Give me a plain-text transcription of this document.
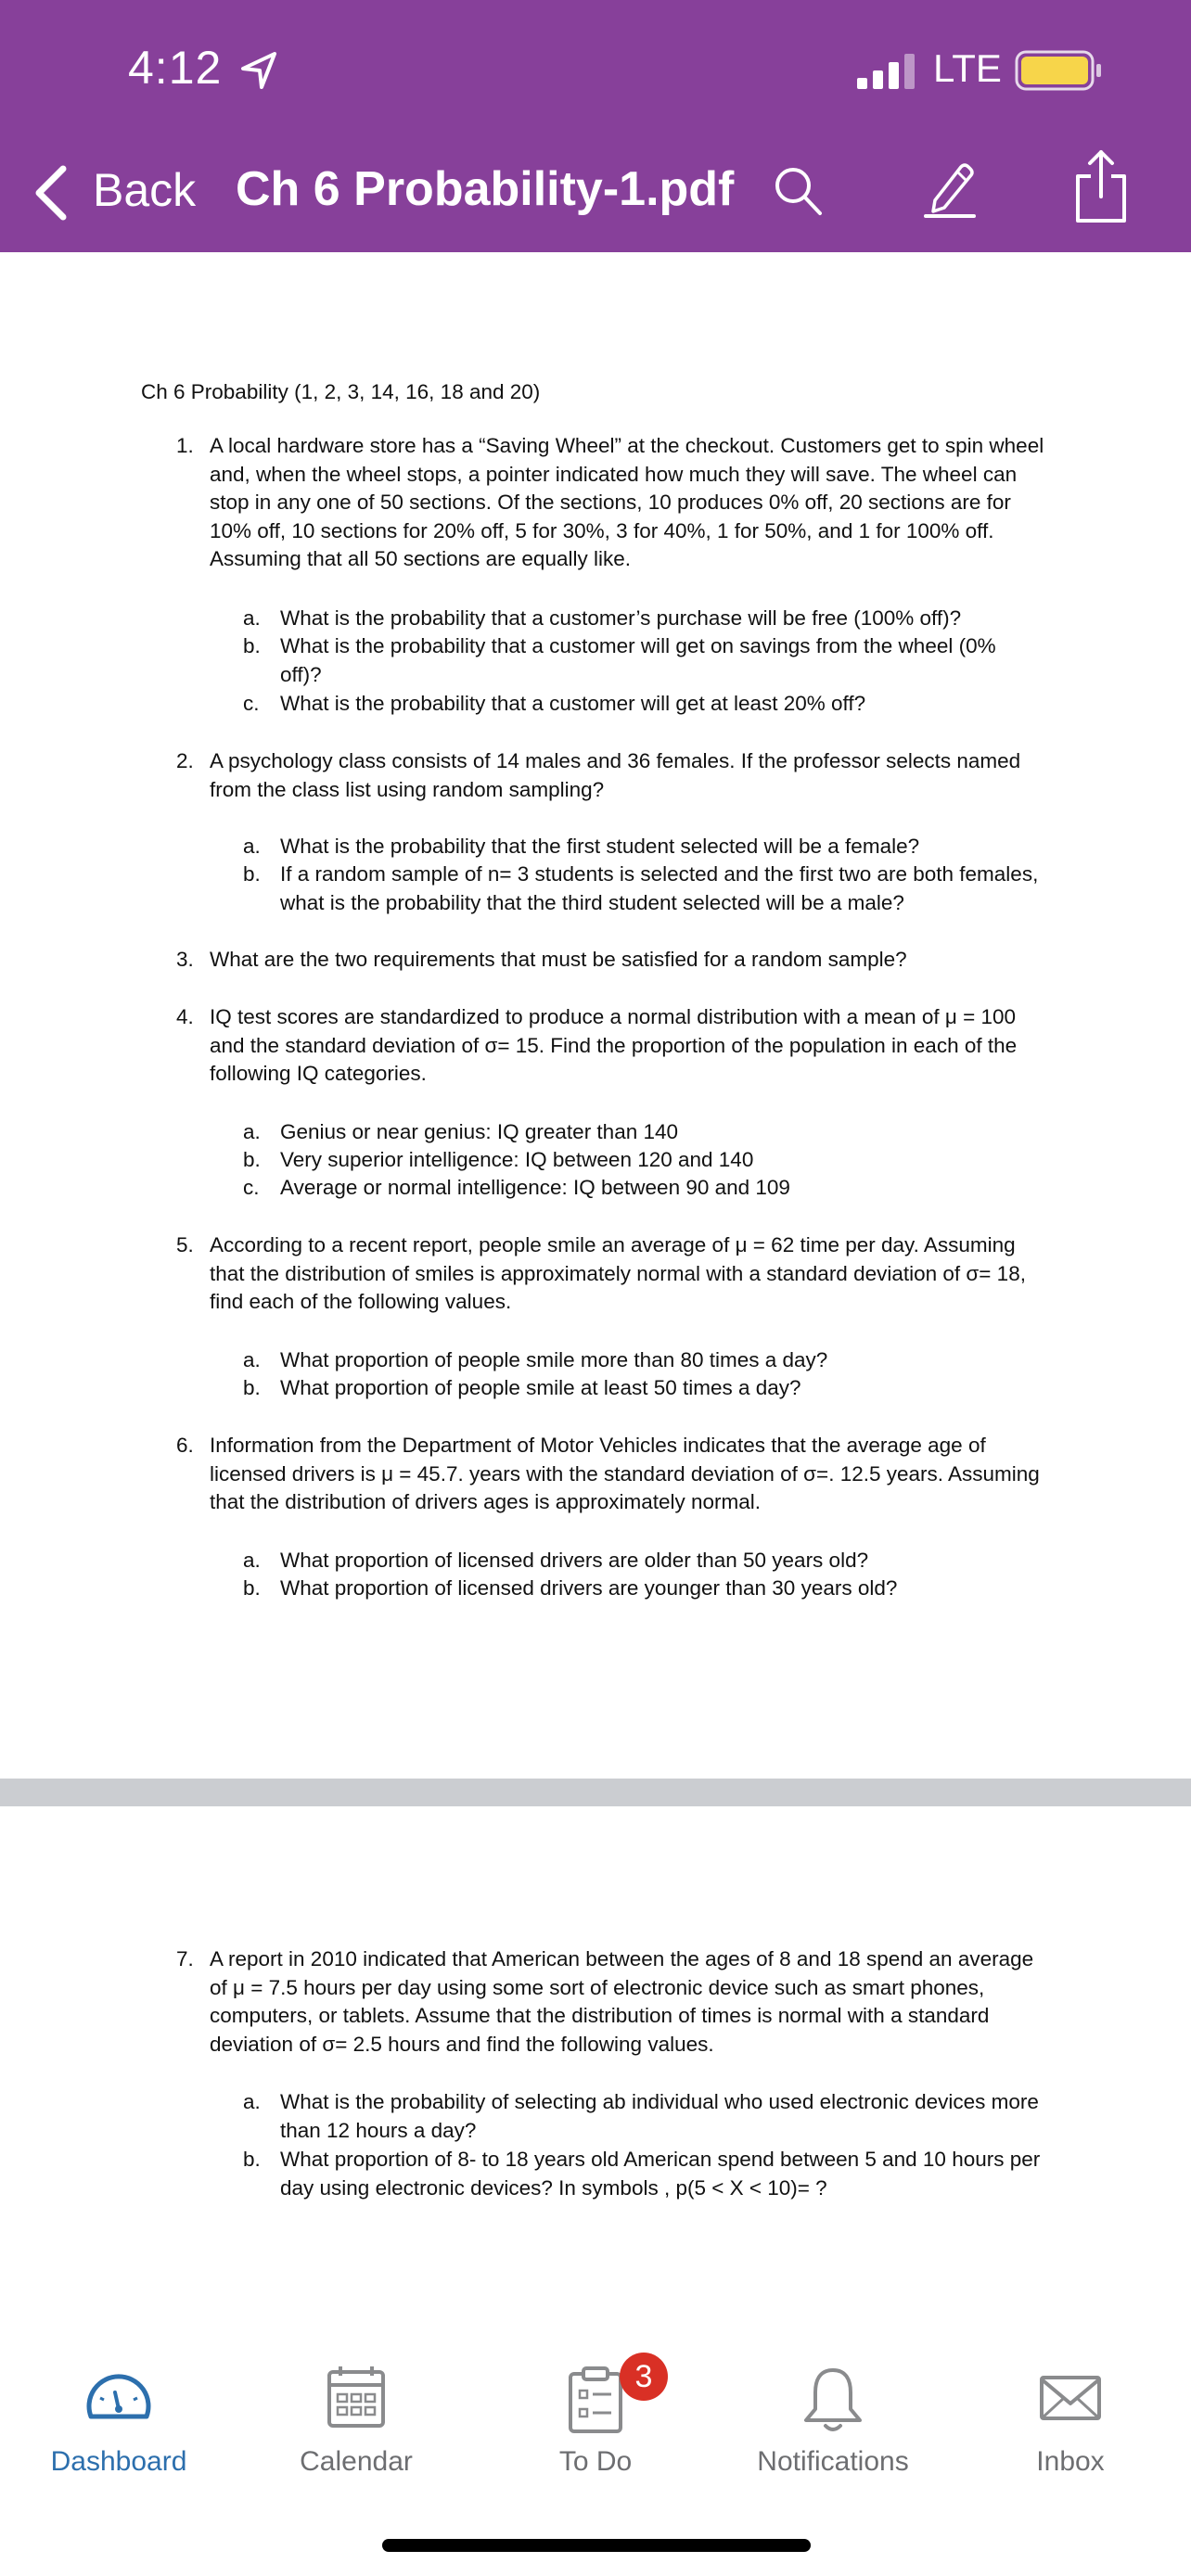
4:12	LTE
Back Ch 6 Probability-1.pdf
Ch 6 Probability (1, 2, 3, 14, 16, 18 and 20)
1. A local hardware store has a “Saving Wheel” at the checkout. Customers get to spin wheel and, when the wheel stops, a pointer indicated how much they will save. The wheel can stop in any one of 50 sections. Of the sections, 10 produces 0% off, 20 sections are for 10% off, 10 sections for 20% off, 5 for 30%, 3 for 40%, 1 for 50%, and 1 for 100% off. Assuming that all 50 sections are equally like.
a. What is the probability that a customer’s purchase will be free (100% off)?
b. What is the probability that a customer will get on savings from the wheel (0% off)?
c. What is the probability that a customer will get at least 20% off?
2. A psychology class consists of 14 males and 36 females. If the professor selects named from the class list using random sampling?
a. What is the probability that the first student selected will be a female?
b. If a random sample of n= 3 students is selected and the first two are both females, what is the probability that the third student selected will be a male?
3. What are the two requirements that must be satisfied for a random sample?
4. IQ test scores are standardized to produce a normal distribution with a mean of μ = 100 and the standard deviation of σ= 15. Find the proportion of the population in each of the following IQ categories.
a. Genius or near genius: IQ greater than 140
b. Very superior intelligence: IQ between 120 and 140
c. Average or normal intelligence: IQ between 90 and 109
5. According to a recent report, people smile an average of μ = 62 time per day. Assuming that the distribution of smiles is approximately normal with a standard deviation of σ= 18, find each of the following values.
a. What proportion of people smile more than 80 times a day?
b. What proportion of people smile at least 50 times a day?
6. Information from the Department of Motor Vehicles indicates that the average age of licensed drivers is μ = 45.7. years with the standard deviation of σ=. 12.5 years. Assuming that the distribution of drivers ages is approximately normal.
a. What proportion of licensed drivers are older than 50 years old?
b. What proportion of licensed drivers are younger than 30 years old?
7. A report in 2010 indicated that American between the ages of 8 and 18 spend an average of μ = 7.5 hours per day using some sort of electronic device such as smart phones, computers, or tablets. Assume that the distribution of times is normal with a standard deviation of σ= 2.5 hours and find the following values.
a. What is the probability of selecting ab individual who used electronic devices more than 12 hours a day?
b. What proportion of 8- to 18 years old American spend between 5 and 10 hours per day using electronic devices? In symbols , p(5 < X < 10)= ?
Dashboard	Calendar	To Do	Notifications	Inbox
3
